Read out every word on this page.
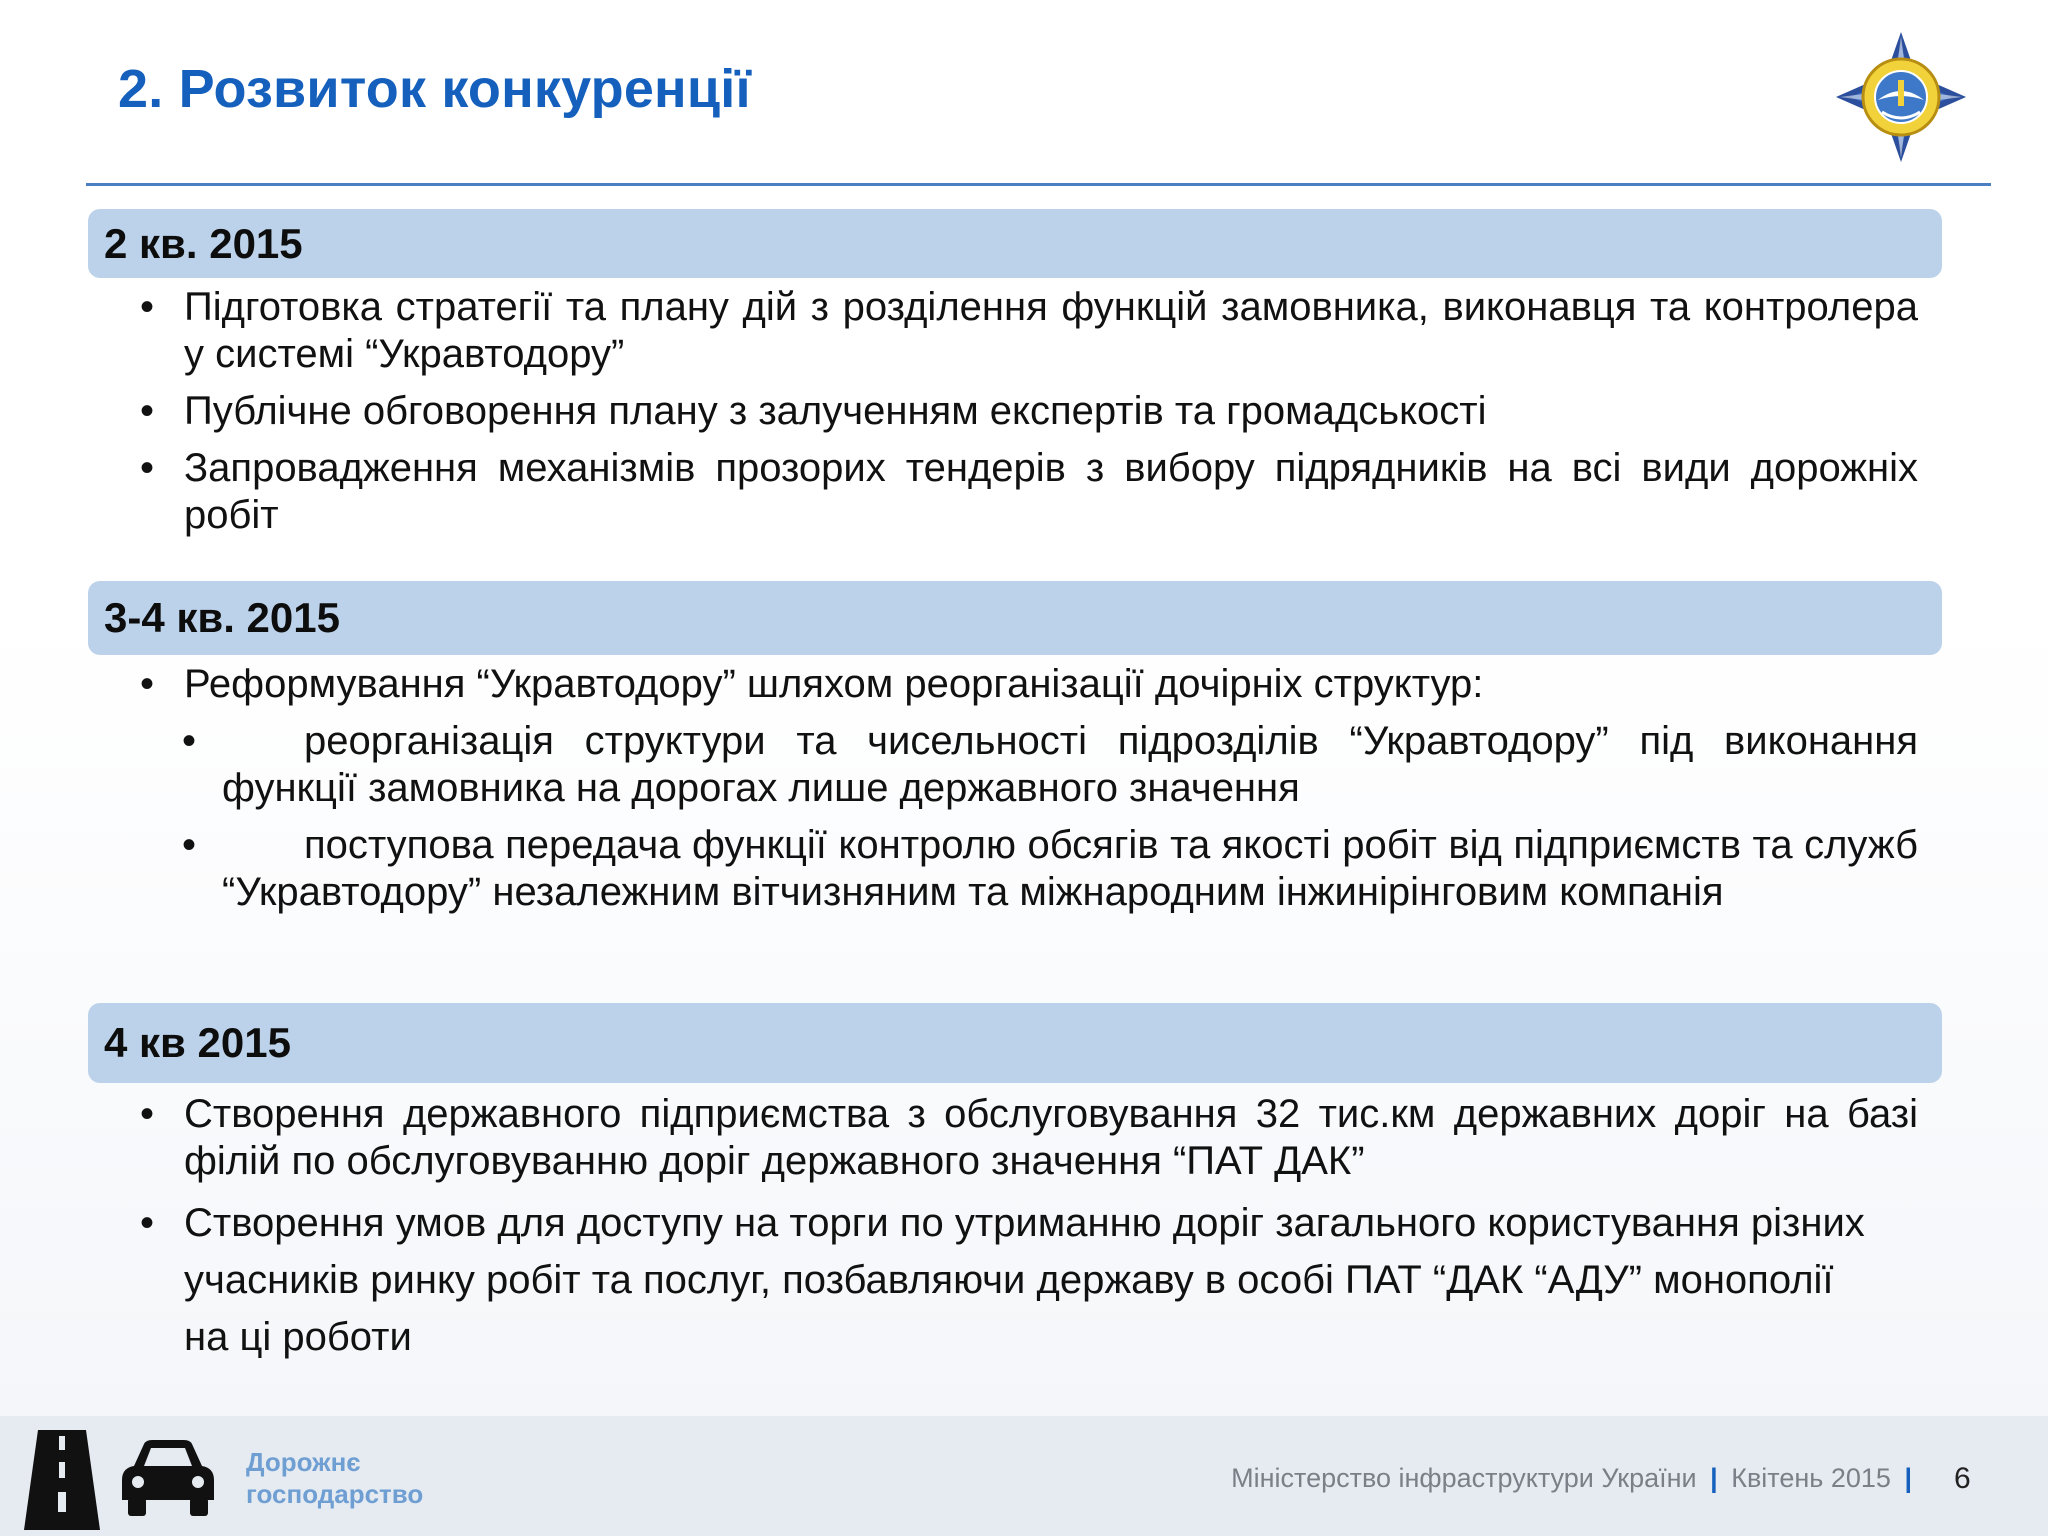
2. Розвиток конкуренції
2 кв. 2015
• Підготовка стратегії та плану дій з розділення функцій замовника, виконавця та контролера у системі “Укравтодору”
• Публічне обговорення плану з залученням експертів та громадськості
• Запровадження механізмів прозорих тендерів з вибору підрядників на всі види дорожніх робіт
3-4 кв. 2015
• Реформування “Укравтодору” шляхом реорганізації дочірніх структур:
•	реорганізація структури та чисельності підрозділів “Укравтодору” під виконання функції замовника на дорогах лише державного значення
•	поступова передача функції контролю обсягів та якості робіт від підприємств та служб “Укравтодору” незалежним вітчизняним та міжнародним інжинірінговим компанія
4 кв 2015
• Створення державного підприємства з обслуговування 32 тис.км державних доріг на базі філій по обслуговуванню доріг державного значення “ПАТ ДАК”
• Створення умов для доступу на торги по утриманню доріг загального користування різних учасників ринку робіт та послуг, позбавляючи державу в особі ПАТ “ДАК “АДУ” монополії на ці роботи
Дорожнє
господарство
Міністерство інфраструктури України | Квітень 2015 | 6
